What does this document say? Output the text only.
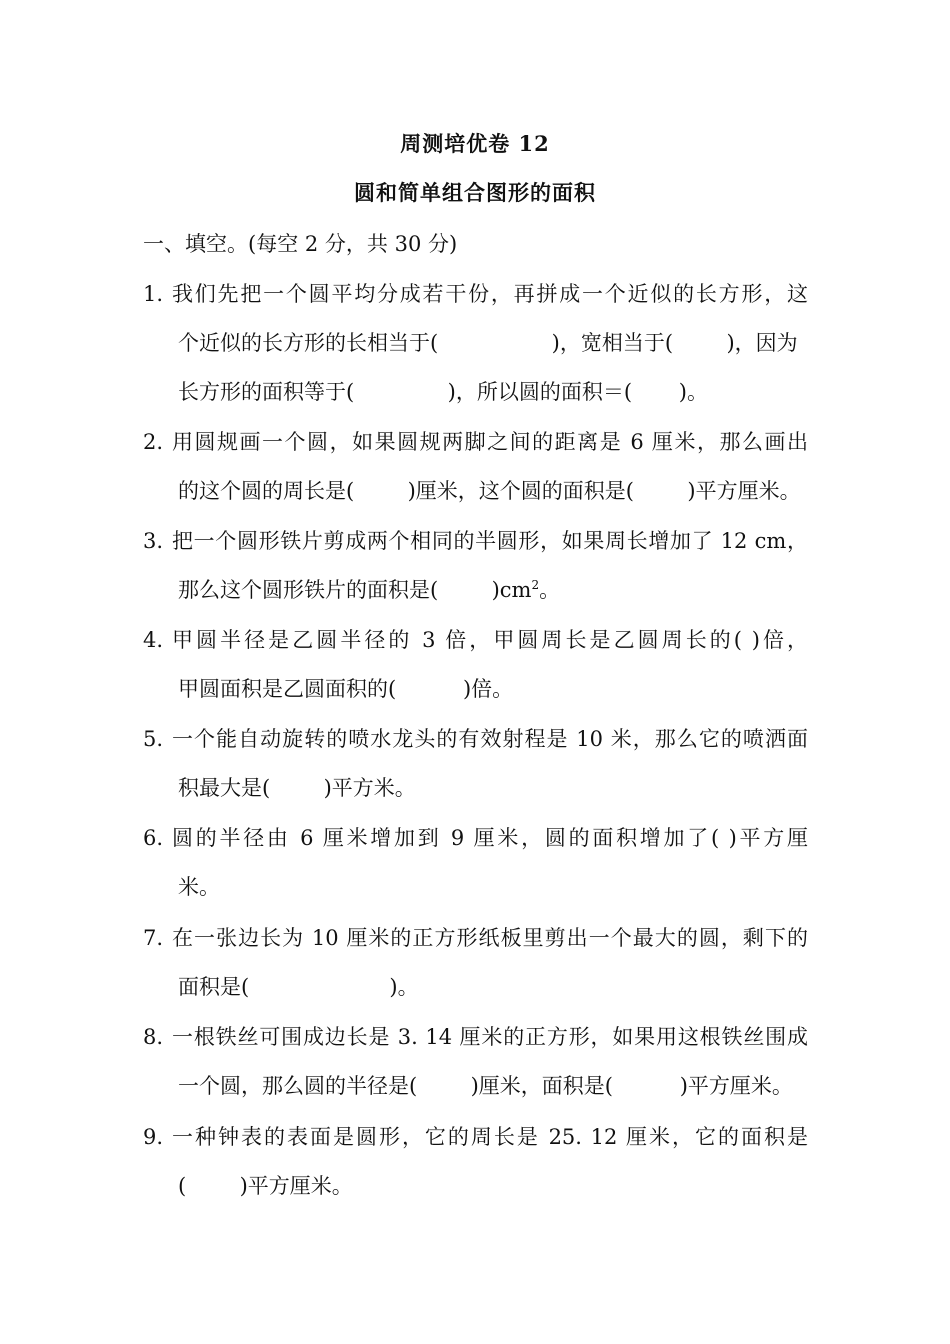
周测培优卷 12
圆和简单组合图形的面积
一、填空。(每空 2 分，共 30 分)
1. 我们先把一个圆平均分成若干份，再拼成一个近似的长方形，这
个近似的长方形的长相当于(                 )，宽相当于(        )，因为
长方形的面积等于(              )，所以圆的面积＝(       )。
2. 用圆规画一个圆，如果圆规两脚之间的距离是 6 厘米，那么画出
的这个圆的周长是(        )厘米，这个圆的面积是(        )平方厘米。
3. 把一个圆形铁片剪成两个相同的半圆形，如果周长增加了 12 cm，
那么这个圆形铁片的面积是(        )$cm^2$。
4. 甲圆半径是乙圆半径的 3 倍，甲圆周长是乙圆周长的( )倍，
甲圆面积是乙圆面积的(          )倍。
5. 一个能自动旋转的喷水龙头的有效射程是 10 米，那么它的喷洒面
积最大是(        )平方米。
6. 圆的半径由 6 厘米增加到 9 厘米，圆的面积增加了( )平方厘
米。
7. 在一张边长为 10 厘米的正方形纸板里剪出一个最大的圆，剩下的
面积是(                     )。
8. 一根铁丝可围成边长是 3. 14 厘米的正方形，如果用这根铁丝围成
一个圆，那么圆的半径是(        )厘米，面积是(          )平方厘米。
9. 一种钟表的表面是圆形，它的周长是 25. 12 厘米，它的面积是
(        )平方厘米。
